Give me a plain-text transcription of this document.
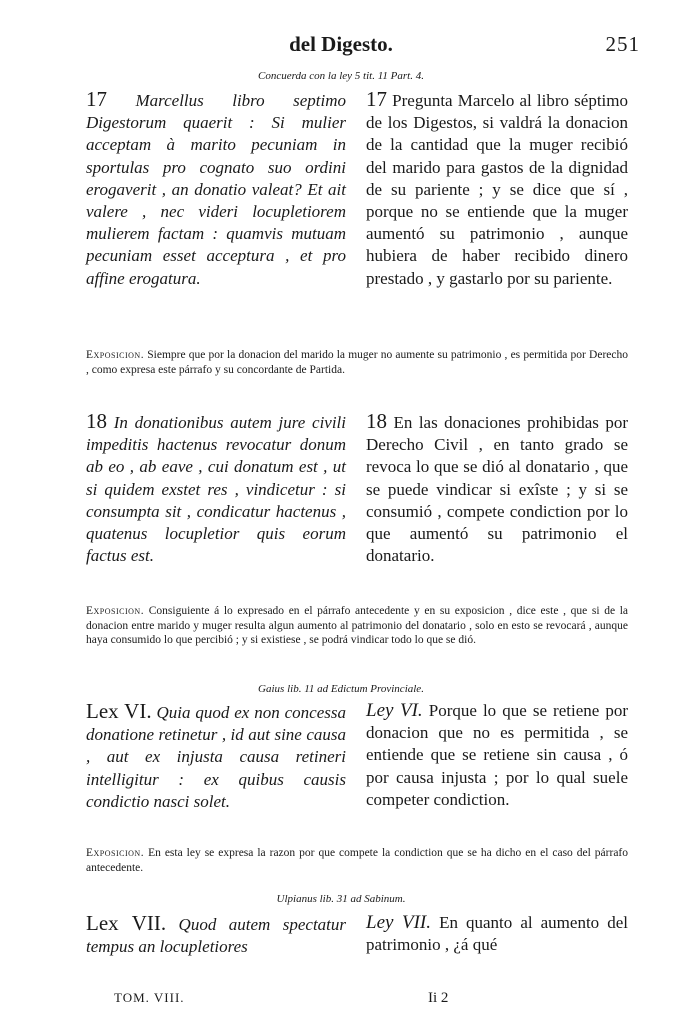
del Digesto.	251
Concuerda con la ley 5 tit. 11 Part. 4.
17 Marcellus libro septimo Digestorum quaerit : Si mulier acceptam à marito pecuniam in sportulas pro cognato suo ordini erogaverit , an donatio valeat? Et ait valere , nec videri locupletiorem mulierem factam : quamvis mutuam pecuniam esset acceptura , et pro affine erogatura.
17 Pregunta Marcelo al libro séptimo de los Digestos, si valdrá la donacion de la cantidad que la muger recibió del marido para gastos de la dignidad de su pariente ; y se dice que sí , porque no se entiende que la muger aumentó su patrimonio , aunque hubiera de haber recibido dinero prestado , y gastarlo por su pariente.
Exposicion. Siempre que por la donacion del marido la muger no aumente su patrimonio , es permitida por Derecho , como expresa este párrafo y su concordante de Partida.
18 In donationibus autem jure civili impeditis hactenus revocatur donum ab eo , ab eave , cui donatum est , ut si quidem exstet res , vindicetur : si consumpta sit , condicatur hactenus , quatenus locupletior quis eorum factus est.
18 En las donaciones prohibidas por Derecho Civil , en tanto grado se revoca lo que se dió al donatario , que se puede vindicar si exîste ; y si se consumió , compete condiction por lo que aumentó su patrimonio el donatario.
Exposicion. Consiguiente á lo expresado en el párrafo antecedente y en su exposicion , dice este , que si de la donacion entre marido y muger resulta algun aumento al patrimonio del donatario , solo en esto se revocará , aunque haya consumido lo que percibió ; y si existiese , se podrá vindicar todo lo que se dió.
Gaius lib. 11 ad Edictum Provinciale.
Lex VI. Quia quod ex non concessa donatione retinetur , id aut sine causa , aut ex injusta causa retineri intelligitur : ex quibus causis condictio nasci solet.
Ley VI. Porque lo que se retiene por donacion que no es permitida , se entiende que se retiene sin causa , ó por causa injusta ; por lo qual suele competer condiction.
Exposicion. En esta ley se expresa la razon por que compete la condiction que se ha dicho en el caso del párrafo antecedente.
Ulpianus lib. 31 ad Sabinum.
Lex VII. Quod autem spectatur tempus an locupletiores
Ley VII. En quanto al aumento del patrimonio , ¿á qué
TOM. VIII.	Ii 2
